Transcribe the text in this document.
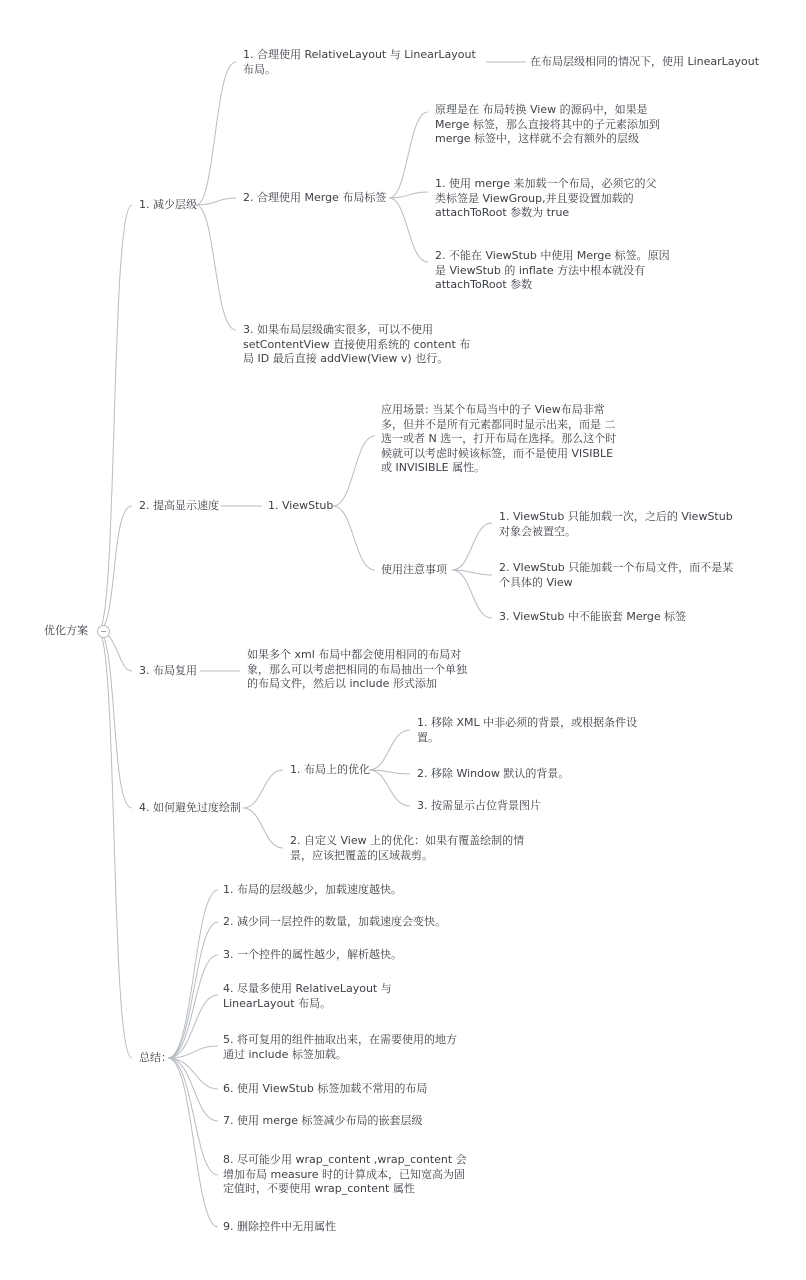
优化方案
1. 减少层级
1. 合理使用 RelativeLayout 与 LinearLayout 布局。
在布局层级相同的情况下，使用 LinearLayout
2. 合理使用 Merge 布局标签
原理是在 布局转换 View 的源码中，如果是 Merge 标签，那么直接将其中的子元素添加到 merge 标签中，这样就不会有额外的层级
1. 使用 merge 来加载一个布局，必须它的父类标签是 ViewGroup,并且要设置加载的 attachToRoot 参数为 true
2. 不能在 ViewStub 中使用 Merge 标签。原因是 ViewStub 的 inflate 方法中根本就没有 attachToRoot 参数
3. 如果布局层级确实很多，可以不使用 setContentView 直接使用系统的 content 布局 ID 最后直接 addView(View v) 也行。
2. 提高显示速度	1. ViewStub
应用场景: 当某个布局当中的子 View布局非常多，但并不是所有元素都同时显示出来，而是 二选一或者 N 选一，打开布局在选择。那么这个时候就可以考虑时候该标签，而不是使用 VISIBLE 或 INVISIBLE 属性。
使用注意事项
1. ViewStub 只能加载一次，之后的 ViewStub 对象会被置空。
2. VIewStub 只能加载一个布局文件，而不是某个具体的 View
3. ViewStub 中不能嵌套 Merge 标签
3. 布局复用
如果多个 xml 布局中都会使用相同的布局对象，那么可以考虑把相同的布局抽出一个单独的布局文件，然后以 include 形式添加
4. 如何避免过度绘制
1. 布局上的优化
1. 移除 XML 中非必须的背景，或根据条件设置。
2. 移除 Window 默认的背景。
3. 按需显示占位背景图片
2. 自定义 View 上的优化：如果有覆盖绘制的情景，应该把覆盖的区域裁剪。
总结：
1. 布局的层级越少，加载速度越快。
2. 减少同一层控件的数量，加载速度会变快。
3. 一个控件的属性越少，解析越快。
4. 尽量多使用 RelativeLayout 与 LinearLayout 布局。
5. 将可复用的组件抽取出来，在需要使用的地方通过 include 标签加载。
6. 使用 ViewStub 标签加载不常用的布局
7. 使用 merge 标签减少布局的嵌套层级
8. 尽可能少用 wrap_content ,wrap_content 会增加布局 measure 时的计算成本，已知宽高为固定值时，不要使用 wrap_content 属性
9. 删除控件中无用属性
